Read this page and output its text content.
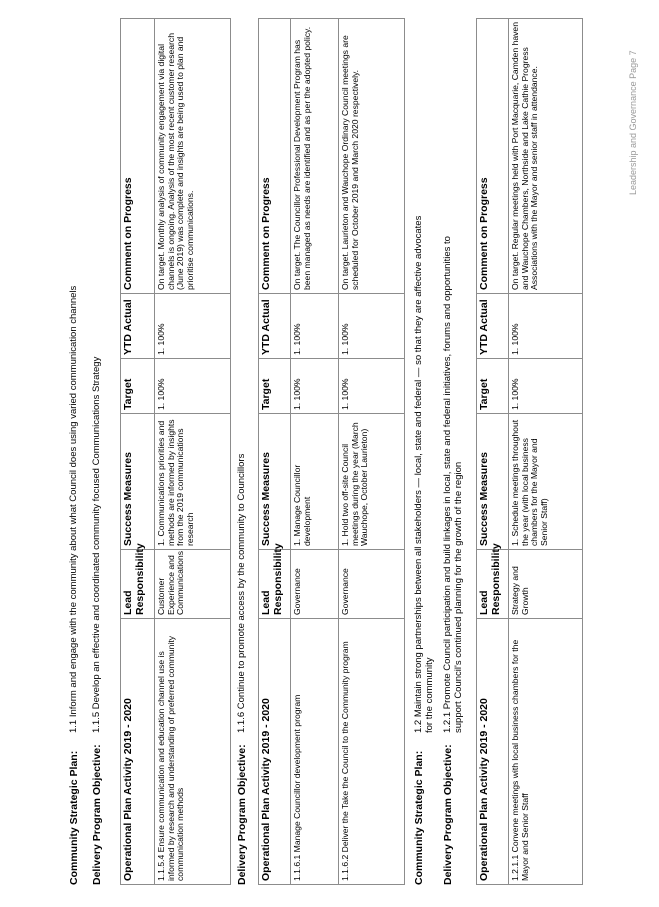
Community Strategic Plan:
1.1 Inform and engage with the community about what Council does using varied communication channels
Delivery Program Objective:
1.1.5 Develop an effective and coordinated community focused Communications Strategy
Operational Plan Activity 2019 - 2020	Lead Responsibility	Success Measures	Target	YTD Actual	Comment on Progress
1.1.5.4 Ensure communication and education channel use is informed by research and understanding of preferred community communication methods	Customer Experience and Communications	1. Communications priorities and methods are informed by insights from the 2019 communications research	1. 100%	1. 100%	On target. Monthly analysis of community engagement via digital channels is ongoing. Analysis of the most recent customer research (June 2019) was complete and insights are being used to plan and prioritise communications.
Delivery Program Objective:
1.1.6 Continue to promote access by the community to Councillors
Operational Plan Activity 2019 - 2020	Lead Responsibility	Success Measures	Target	YTD Actual	Comment on Progress
1.1.6.1 Manage Councillor development program	Governance	1. Manage Councillor development	1. 100%	1. 100%	On target. The Councillor Professional Development Program has been managed as needs are identified and as per the adopted policy.
1.1.6.2 Deliver the Take the Council to the Community program	Governance	1. Hold two off-site Council meetings during the year (March Wauchope, October Laurieton)	1. 100%	1. 100%	On target. Laurieton and Wauchope Ordinary Council meetings are scheduled for October 2019 and March 2020 respectively.
Community Strategic Plan:
1.2 Maintain strong partnerships between all stakeholders — local, state and federal — so that they are affective advocates for the community
Delivery Program Objective:
1.2.1 Promote Council participation and build linkages in local, state and federal initiatives, forums and opportunities to support Council's continued planning for the growth of the region
Operational Plan Activity 2019 - 2020	Lead Responsibility	Success Measures	Target	YTD Actual	Comment on Progress
1.2.1.1 Convene meetings with local business chambers for the Mayor and Senior Staff	Strategy and Growth	1. Schedule meetings throughout the year (with local business chambers for the Mayor and Senior Staff)	1. 100%	1. 100%	On target. Regular meetings held with Port Macquarie, Camden haven and Wauchope Chambers, Northside and Lake Cathie Progress Associations with the Mayor and senior staff in attendance.	Leadership and Governance Page 7
